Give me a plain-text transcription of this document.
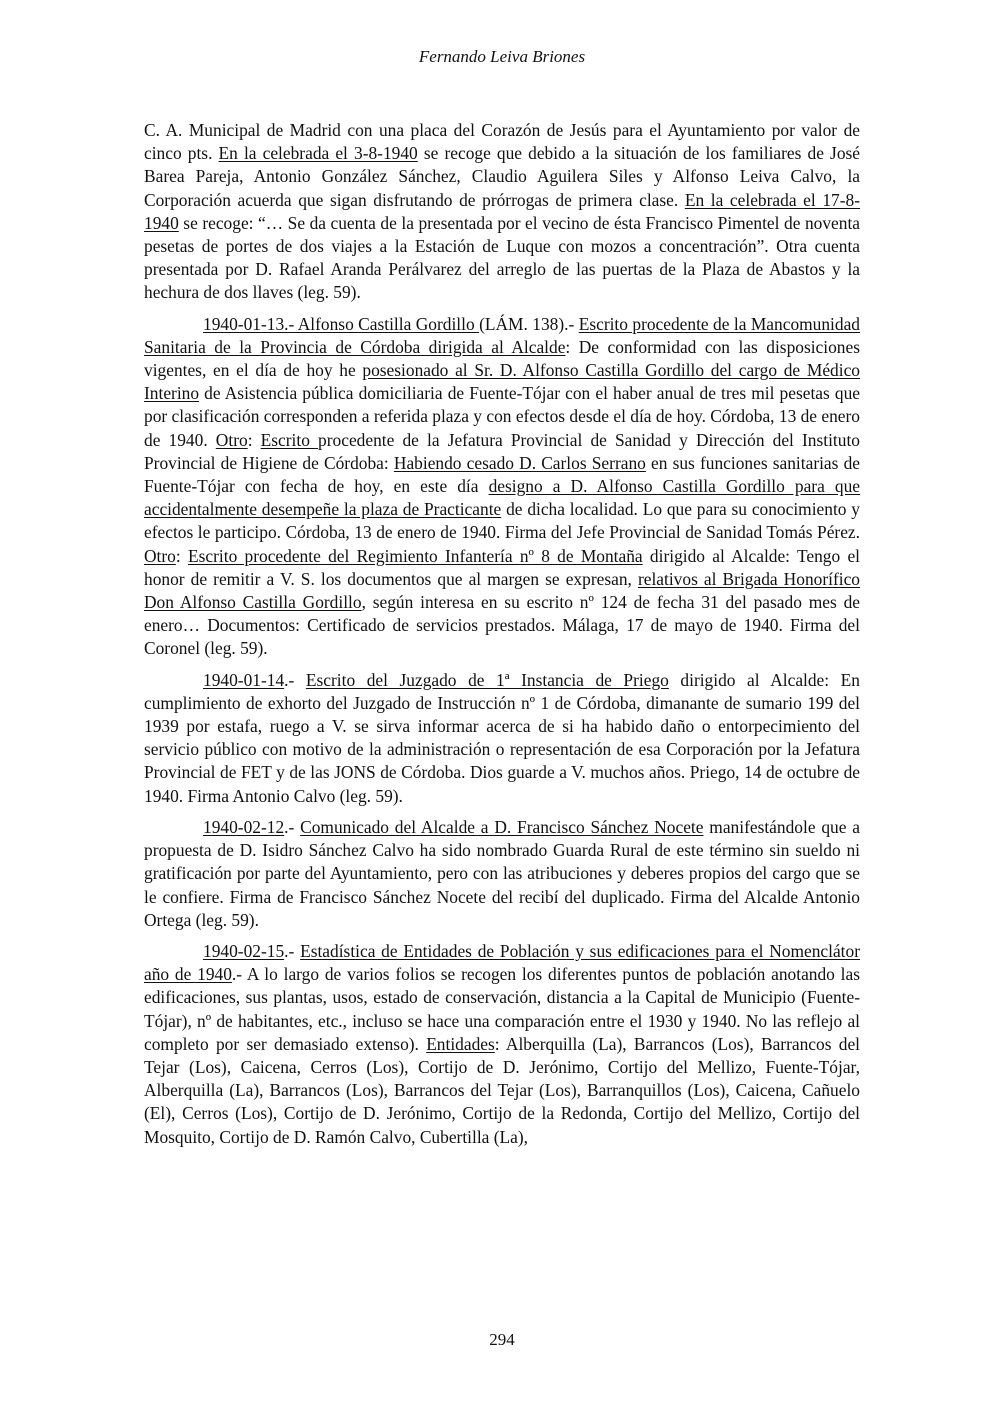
Fernando Leiva Briones

C. A. Municipal de Madrid con una placa del Corazón de Jesús para el Ayuntamiento por valor de cinco pts. En la celebrada el 3-8-1940 se recoge que debido a la situación de los familiares de José Barea Pareja, Antonio González Sánchez, Claudio Aguilera Siles y Alfonso Leiva Calvo, la Corporación acuerda que sigan disfrutando de prórrogas de primera clase. En la celebrada el 17-8-1940 se recoge: “… Se da cuenta de la presentada por el vecino de ésta Francisco Pimentel de noventa pesetas de portes de dos viajes a la Estación de Luque con mozos a concentración”. Otra cuenta presentada por D. Rafael Aranda Perálvarez del arreglo de las puertas de la Plaza de Abastos y la hechura de dos llaves (leg. 59).

1940-01-13.- Alfonso Castilla Gordillo (LÁM. 138).- Escrito procedente de la Mancomunidad Sanitaria de la Provincia de Córdoba dirigida al Alcalde: De conformidad con las disposiciones vigentes, en el día de hoy he posesionado al Sr. D. Alfonso Castilla Gordillo del cargo de Médico Interino de Asistencia pública domiciliaria de Fuente-Tójar con el haber anual de tres mil pesetas que por clasificación corresponden a referida plaza y con efectos desde el día de hoy. Córdoba, 13 de enero de 1940. Otro: Escrito procedente de la Jefatura Provincial de Sanidad y Dirección del Instituto Provincial de Higiene de Córdoba: Habiendo cesado D. Carlos Serrano en sus funciones sanitarias de Fuente-Tójar con fecha de hoy, en este día designo a D. Alfonso Castilla Gordillo para que accidentalmente desempeñe la plaza de Practicante de dicha localidad. Lo que para su conocimiento y efectos le participo. Córdoba, 13 de enero de 1940. Firma del Jefe Provincial de Sanidad Tomás Pérez. Otro: Escrito procedente del Regimiento Infantería nº 8 de Montaña dirigido al Alcalde: Tengo el honor de remitir a V. S. los documentos que al margen se expresan, relativos al Brigada Honorífico Don Alfonso Castilla Gordillo, según interesa en su escrito nº 124 de fecha 31 del pasado mes de enero… Documentos: Certificado de servicios prestados. Málaga, 17 de mayo de 1940. Firma del Coronel (leg. 59).

1940-01-14.- Escrito del Juzgado de 1ª Instancia de Priego dirigido al Alcalde: En cumplimiento de exhorto del Juzgado de Instrucción nº 1 de Córdoba, dimanante de sumario 199 del 1939 por estafa, ruego a V. se sirva informar acerca de si ha habido daño o entorpecimiento del servicio público con motivo de la administración o representación de esa Corporación por la Jefatura Provincial de FET y de las JONS de Córdoba. Dios guarde a V. muchos años. Priego, 14 de octubre de 1940. Firma Antonio Calvo (leg. 59).

1940-02-12.- Comunicado del Alcalde a D. Francisco Sánchez Nocete manifestándole que a propuesta de D. Isidro Sánchez Calvo ha sido nombrado Guarda Rural de este término sin sueldo ni gratificación por parte del Ayuntamiento, pero con las atribuciones y deberes propios del cargo que se le confiere. Firma de Francisco Sánchez Nocete del recibí del duplicado. Firma del Alcalde Antonio Ortega (leg. 59).

1940-02-15.- Estadística de Entidades de Población y sus edificaciones para el Nomenclátor año de 1940.- A lo largo de varios folios se recogen los diferentes puntos de población anotando las edificaciones, sus plantas, usos, estado de conservación, distancia a la Capital de Municipio (Fuente-Tójar), nº de habitantes, etc., incluso se hace una comparación entre el 1930 y 1940. No las reflejo al completo por ser demasiado extenso). Entidades: Alberquilla (La), Barrancos (Los), Barrancos del Tejar (Los), Caicena, Cerros (Los), Cortijo de D. Jerónimo, Cortijo del Mellizo, Fuente-Tójar, Alberquilla (La), Barrancos (Los), Barrancos del Tejar (Los), Barranquillos (Los), Caicena, Cañuelo (El), Cerros (Los), Cortijo de D. Jerónimo, Cortijo de la Redonda, Cortijo del Mellizo, Cortijo del Mosquito, Cortijo de D. Ramón Calvo, Cubertilla (La),

294
